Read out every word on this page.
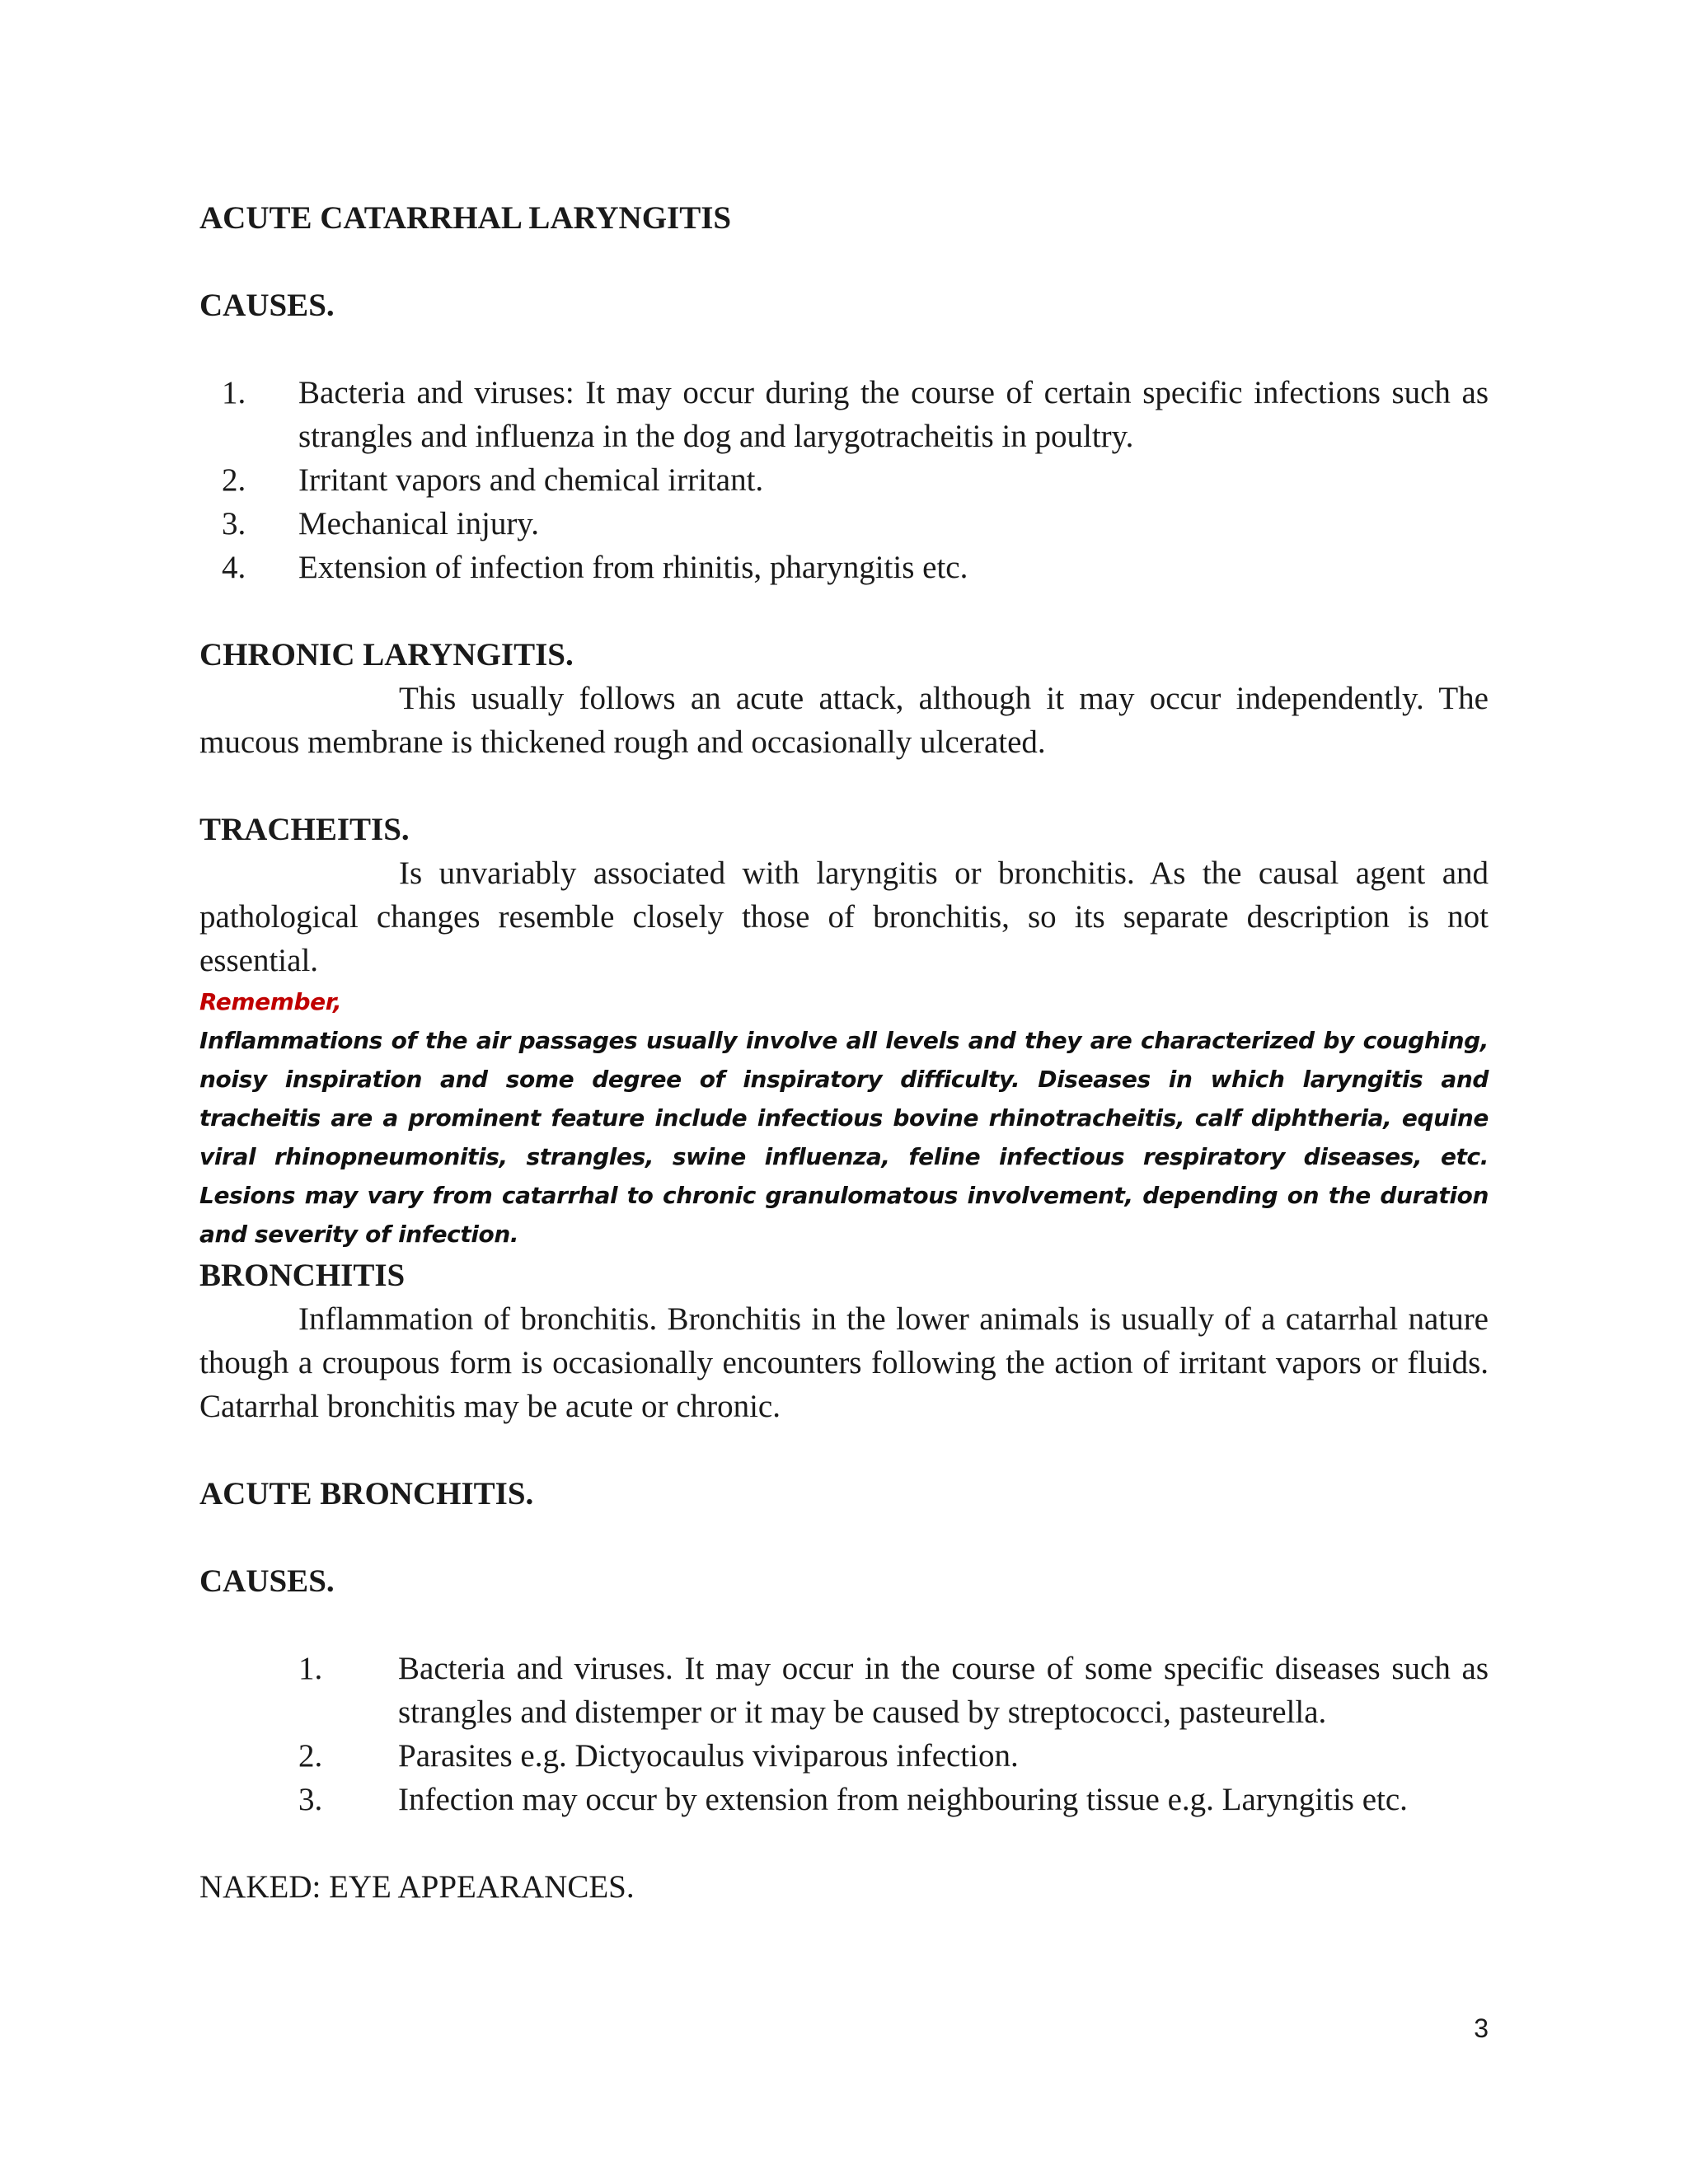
ACUTE CATARRHAL LARYNGITIS

CAUSES.

1. Bacteria and viruses: It may occur during the course of certain specific infections such as strangles and influenza in the dog and larygotracheitis in poultry.
2. Irritant vapors and chemical irritant.
3. Mechanical injury.
4. Extension of infection from rhinitis, pharyngitis etc.

CHRONIC LARYNGITIS.

This usually follows an acute attack, although it may occur independently. The mucous membrane is thickened rough and occasionally ulcerated.

TRACHEITIS.

Is unvariably associated with laryngitis or bronchitis. As the causal agent and pathological changes resemble closely those of bronchitis, so its separate description is not essential.

Remember,

Inflammations of the air passages usually involve all levels and they are characterized by coughing, noisy inspiration and some degree of inspiratory difficulty. Diseases in which laryngitis and tracheitis are a prominent feature include infectious bovine rhinotracheitis, calf diphtheria, equine viral rhinopneumonitis, strangles, swine influenza, feline infectious respiratory diseases, etc. Lesions may vary from catarrhal to chronic granulomatous involvement, depending on the duration and severity of infection.

BRONCHITIS

Inflammation of bronchitis. Bronchitis in the lower animals is usually of a catarrhal nature though a croupous form is occasionally encounters following the action of irritant vapors or fluids. Catarrhal bronchitis may be acute or chronic.

ACUTE BRONCHITIS.

CAUSES.

1. Bacteria and viruses. It may occur in the course of some specific diseases such as strangles and distemper or it may be caused by streptococci, pasteurella.
2. Parasites e.g. Dictyocaulus viviparous infection.
3. Infection may occur by extension from neighbouring tissue e.g. Laryngitis etc.

NAKED: EYE APPEARANCES.

3
